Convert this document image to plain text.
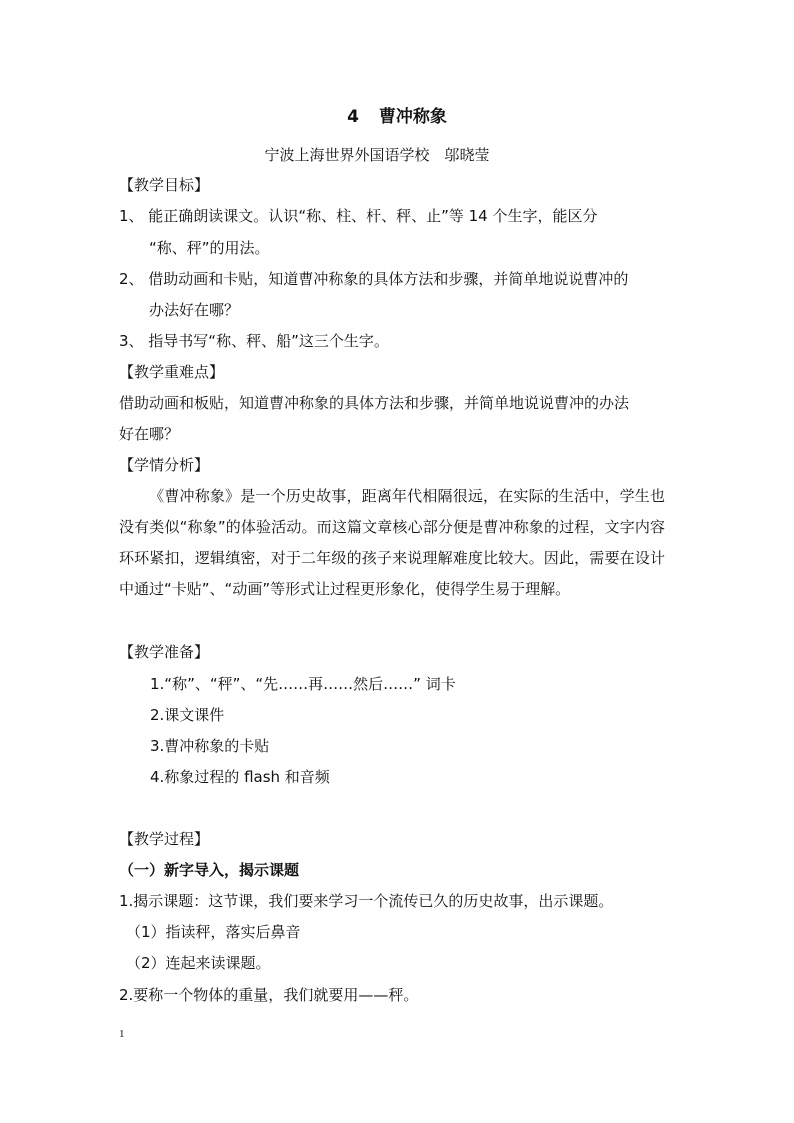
4 曹冲称象
宁波上海世界外国语学校　邬晓莹
【教学目标】
1、 能正确朗读课文。认识“称、柱、杆、秤、止”等 14 个生字，能区分
“称、秤”的用法。
2、 借助动画和卡贴，知道曹冲称象的具体方法和步骤，并简单地说说曹冲的
办法好在哪？
3、 指导书写“称、秤、船”这三个生字。
【教学重难点】
借助动画和板贴，知道曹冲称象的具体方法和步骤，并简单地说说曹冲的办法
好在哪？
【学情分析】
《曹冲称象》是一个历史故事，距离年代相隔很远，在实际的生活中，学生也没有类似“称象”的体验活动。而这篇文章核心部分便是曹冲称象的过程，文字内容环环紧扣，逻辑缜密，对于二年级的孩子来说理解难度比较大。因此，需要在设计中通过“卡贴”、“动画”等形式让过程更形象化，使得学生易于理解。
【教学准备】
1.“称”、“秤”、“先……再……然后……” 词卡
2.课文课件
3.曹冲称象的卡贴
4.称象过程的 flash 和音频
【教学过程】
（一）新字导入，揭示课题
1.揭示课题：这节课，我们要来学习一个流传已久的历史故事，出示课题。
（1）指读秤，落实后鼻音
（2）连起来读课题。
2.要称一个物体的重量，我们就要用——秤。
1
